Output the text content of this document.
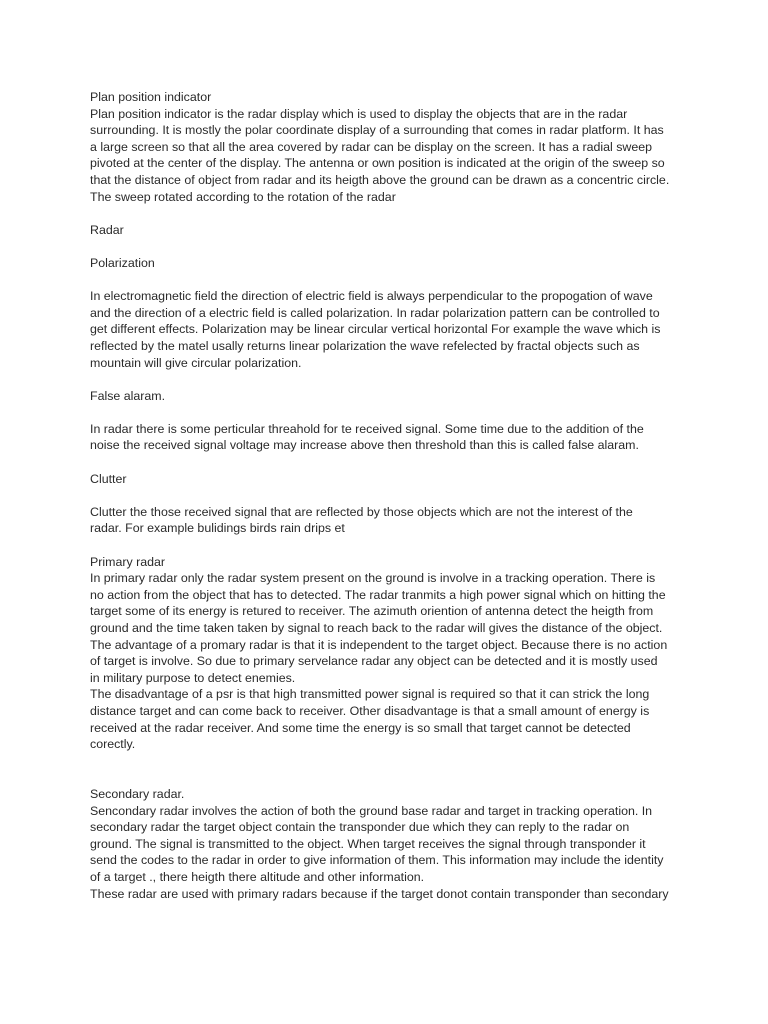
Plan position indicator
Plan position indicator is the radar display which is used to display the objects that are in the radar
surrounding. It is mostly the polar coordinate display of a surrounding that comes in radar platform. It has
a large screen so that all the area covered by radar can be display on the screen. It has a radial sweep
pivoted at the center of the display. The antenna or own position is indicated at the origin of the sweep so
that the distance of object from radar and its heigth above the ground can be drawn as a concentric circle.
The sweep rotated according to the rotation of the radar
Radar
Polarization
In electromagnetic field the direction of electric field is always perpendicular to the propogation of wave
and the direction of a electric field is called polarization. In radar polarization pattern can be controlled to
get different effects. Polarization may be linear circular vertical horizontal For example the wave which is
reflected by the matel usally returns linear polarization the wave refelected by fractal objects such as
mountain will give circular polarization.
False alaram.
In radar there is some perticular threahold for te received signal. Some time due to the addition of the
noise the received signal voltage may increase above then threshold than this is called false alaram.
Clutter
Clutter the those received signal that are reflected by those objects which are not the interest of the
radar. For example bulidings birds rain drips et
Primary radar
In primary radar only the radar system present on the ground is involve in a tracking operation. There is
no action from the object that has to detected. The radar tranmits a high power signal which on hitting the
target some of its energy is retured to receiver. The azimuth oriention of antenna detect the heigth from
ground and the time taken taken by signal to reach back to the radar will gives the distance of the object.
The advantage of a promary radar is that it is independent to the target object. Because there is no action
of target is involve. So due to primary servelance radar any object can be detected and it is mostly used
in military purpose to detect enemies.
The disadvantage of a psr is that high transmitted power signal is required so that it can strick the long
distance target and can come back to receiver. Other disadvantage is that a small amount of energy is
received at the radar receiver. And some time the energy is so small that target cannot be detected
corectly.
Secondary radar.
Sencondary radar involves the action of both the ground base radar and target in tracking operation. In
secondary radar the target object contain the transponder due which they can reply to the radar on
ground. The signal is transmitted to the object. When target receives the signal through transponder it
send the codes to the radar in order to give information of them. This information may include the identity
of a target ., there heigth there altitude and other information.
These radar are used with primary radars because if the target donot contain transponder than secondary
